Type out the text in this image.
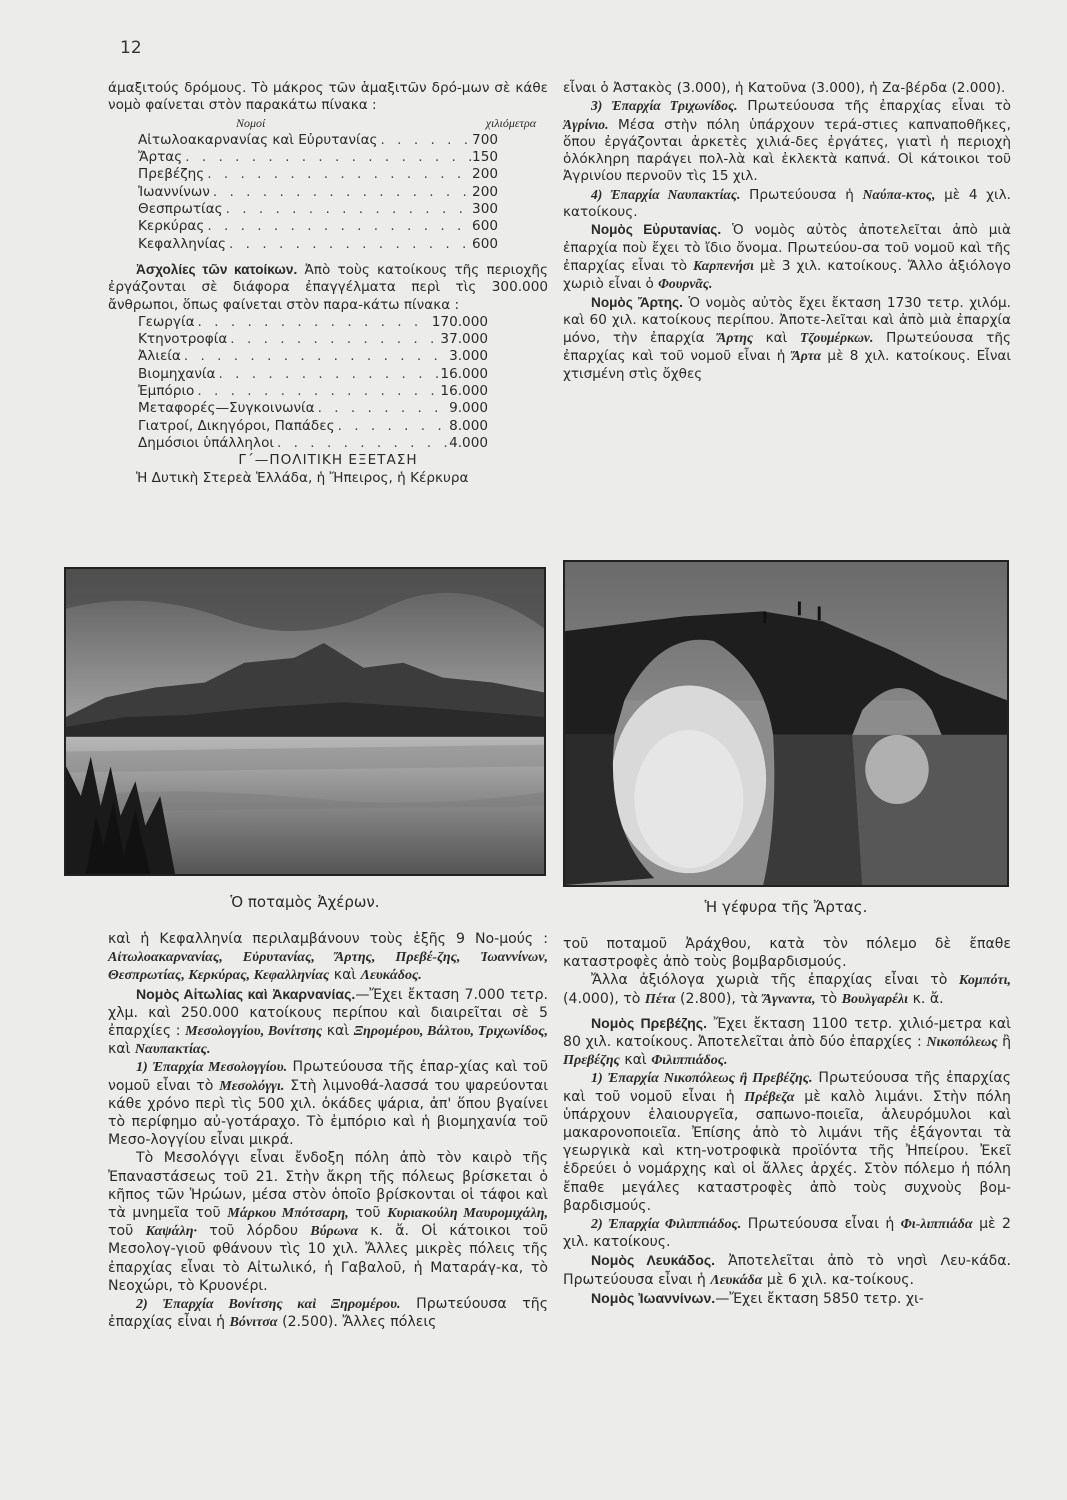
12

άμαξιτούς δρόμους. Τὸ μάκρος τῶν ἁμαξιτῶν δρό-μων σὲ κάθε νομὸ φαίνεται στὸν παρακάτω πίνακα :

Νομοί	χιλιόμετρα
Αἰτωλοακαρνανίας καὶ Εὐρυτανίας . . .	700
Ἄρτας . . .	150
Πρεβέζης . . .	200
Ἰωαννίνων . . .	200
Θεσπρωτίας . . .	300
Κερκύρας . . .	600
Κεφαλληνίας . . .	600

Ἀσχολίες τῶν κατοίκων. Ἀπὸ τοὺς κατοίκους τῆς περιοχῆς ἐργάζονται σὲ διάφορα ἐπαγγέλματα περὶ τὶς 300.000 ἄνθρωποι, ὅπως φαίνεται στὸν παρα-κάτω πίνακα :

Γεωργία . . .	170.000
Κτηνοτροφία . . .	37.000
Ἀλιεία . . .	3.000
Βιομηχανία . . .	16.000
Ἐμπόριο . . .	16.000
Μεταφορές—Συγκοινωνία . . .	9.000
Γιατροί, Δικηγόροι, Παπάδες . . .	8.000
Δημόσιοι ὑπάλληλοι . . .	4.000

Γ΄—ΠΟΛΙΤΙΚΗ ΕΞΕΤΑΣΗ

Ἡ Δυτικὴ Στερεὰ Ἑλλάδα, ἡ Ἤπειρος, ἡ Κέρκυρα

εἶναι ὁ Ἀστακὸς (3.000), ἡ Κατοῦνα (3.000), ἡ Ζα-βέρδα (2.000).

3) Ἐπαρχία Τριχωνίδος. Πρωτεύουσα τῆς ἐπαρχίας εἶναι τὸ Ἀγρίνιο. Μέσα στὴν πόλη ὑπάρχουν τερά-στιες καπναποθῆκες, ὅπου ἐργάζονται ἀρκετὲς χιλιά-δες ἐργάτες, γιατὶ ἡ περιοχὴ ὁλόκληρη παράγει πολ-λὰ καὶ ἐκλεκτὰ καπνά. Οἱ κάτοικοι τοῦ Ἀγρινίου περνοῦν τὶς 15 χιλ.

4) Ἐπαρχία Ναυπακτίας. Πρωτεύουσα ἡ Ναύπα-κτος, μὲ 4 χιλ. κατοίκους.

Νομὸς Εὐρυτανίας. Ὁ νομὸς αὐτὸς ἀποτελεῖται ἀπὸ μιὰ ἐπαρχία ποὺ ἔχει τὸ ἴδιο ὄνομα. Πρωτεύου-σα τοῦ νομοῦ καὶ τῆς ἐπαρχίας εἶναι τὸ Καρπενήσι μὲ 3 χιλ. κατοίκους. Ἄλλο ἀξιόλογο χωριὸ εἶναι ὁ Φουρνᾶς.

Νομὸς Ἄρτης. Ὁ νομὸς αὐτὸς ἔχει ἔκταση 1730 τετρ. χιλόμ. καὶ 60 χιλ. κατοίκους περίπου. Ἀποτε-λεῖται καὶ ἀπὸ μιὰ ἐπαρχία μόνο, τὴν ἐπαρχία Ἄρτης καὶ Τζουμέρκων. Πρωτεύουσα τῆς ἐπαρχίας καὶ τοῦ νομοῦ εἶναι ἡ Ἄρτα μὲ 8 χιλ. κατοίκους. Εἶναι χτισμένη στὶς ὄχθες

Ὁ ποταμὸς Ἀχέρων.	Ἡ γέφυρα τῆς Ἄρτας.

καὶ ἡ Κεφαλληνία περιλαμβάνουν τοὺς ἑξῆς 9 Νο-μούς : Αἰτωλοακαρνανίας, Εὐρυτανίας, Ἄρτης, Πρεβέ-ζης, Ἰωαννίνων, Θεσπρωτίας, Κερκύρας, Κεφαλληνίας καὶ Λευκάδος.

Νομὸς Αἰτωλίας καὶ Ἀκαρνανίας.—Ἔχει ἔκταση 7.000 τετρ. χλμ. καὶ 250.000 κατοίκους περίπου καὶ διαιρεῖται σὲ 5 ἐπαρχίες : Μεσολογγίου, Βονίτσης καὶ Ξηρομέρου, Βάλτου, Τριχωνίδος, καὶ Ναυπακτίας.

1) Ἐπαρχία Μεσολογγίου. Πρωτεύουσα τῆς ἐπαρ-χίας καὶ τοῦ νομοῦ εἶναι τὸ Μεσολόγγι. Στὴ λιμνοθά-λασσά του ψαρεύονται κάθε χρόνο περὶ τὶς 500 χιλ. ὀκάδες ψάρια, ἀπ' ὅπου βγαίνει τὸ περίφημο αὐ-γοτάραχο. Τὸ ἐμπόριο καὶ ἡ βιομηχανία τοῦ Μεσο-λογγίου εἶναι μικρά.

Τὸ Μεσολόγγι εἶναι ἔνδοξη πόλη ἀπὸ τὸν καιρὸ τῆς Ἐπαναστάσεως τοῦ 21. Στὴν ἄκρη τῆς πόλεως βρίσκεται ὁ κῆπος τῶν Ἡρώων, μέσα στὸν ὁποῖο βρίσκονται οἱ τάφοι καὶ τὰ μνημεῖα τοῦ Μάρκου Μπότσαρη, τοῦ Κυριακούλη Μαυρομιχάλη, τοῦ Καψάλη· τοῦ λόρδου Βύρωνα κ. ἄ. Οἱ κάτοικοι τοῦ Μεσολογ-γιοῦ φθάνουν τὶς 10 χιλ. Ἄλλες μικρὲς πόλεις τῆς ἐπαρχίας εἶναι τὸ Αἰτωλικό, ἡ Γαβαλοῦ, ἡ Ματαράγ-κα, τὸ Νεοχώρι, τὸ Κρυονέρι.

2) Ἐπαρχία Βονίτσης καὶ Ξηρομέρου. Πρωτεύουσα τῆς ἐπαρχίας εἶναι ἡ Βόνιτσα (2.500). Ἄλλες πόλεις

τοῦ ποταμοῦ Ἀράχθου, κατὰ τὸν πόλεμο δὲ ἔπαθε καταστροφὲς ἀπὸ τοὺς βομβαρδισμούς.

Ἄλλα ἀξιόλογα χωριὰ τῆς ἐπαρχίας εἶναι τὸ Κομπότι, (4.000), τὸ Πέτα (2.800), τὰ Ἄγναντα, τὸ Βουλγαρέλι κ. ἄ.

Νομὸς Πρεβέζης. Ἔχει ἔκταση 1100 τετρ. χιλιό-μετρα καὶ 80 χιλ. κατοίκους. Ἀποτελεῖται ἀπὸ δύο ἐπαρχίες : Νικοπόλεως ἢ Πρεβέζης καὶ Φιλιππιάδος.

1) Ἐπαρχία Νικοπόλεως ἢ Πρεβέζης. Πρωτεύουσα τῆς ἐπαρχίας καὶ τοῦ νομοῦ εἶναι ἡ Πρέβεζα μὲ καλὸ λιμάνι. Στὴν πόλη ὑπάρχουν ἐλαιουργεῖα, σαπωνο-ποιεῖα, ἀλευρόμυλοι καὶ μακαρονοποιεῖα. Ἐπίσης ἀπὸ τὸ λιμάνι τῆς ἐξάγονται τὰ γεωργικὰ καὶ κτη-νοτροφικὰ προϊόντα τῆς Ἠπείρου. Ἐκεῖ ἑδρεύει ὁ νομάρχης καὶ οἱ ἄλλες ἀρχές. Στὸν πόλεμο ἡ πόλη ἔπαθε μεγάλες καταστροφὲς ἀπὸ τοὺς συχνοὺς βομ-βαρδισμούς.

2) Ἐπαρχία Φιλιππιάδος. Πρωτεύουσα εἶναι ἡ Φι-λιππιάδα μὲ 2 χιλ. κατοίκους.

Νομὸς Λευκάδος. Ἀποτελεῖται ἀπὸ τὸ νησὶ Λευ-κάδα. Πρωτεύουσα εἶναι ἡ Λευκάδα μὲ 6 χιλ. κα-τοίκους.

Νομὸς Ἰωαννίνων.—Ἔχει ἔκταση 5850 τετρ. χι-
